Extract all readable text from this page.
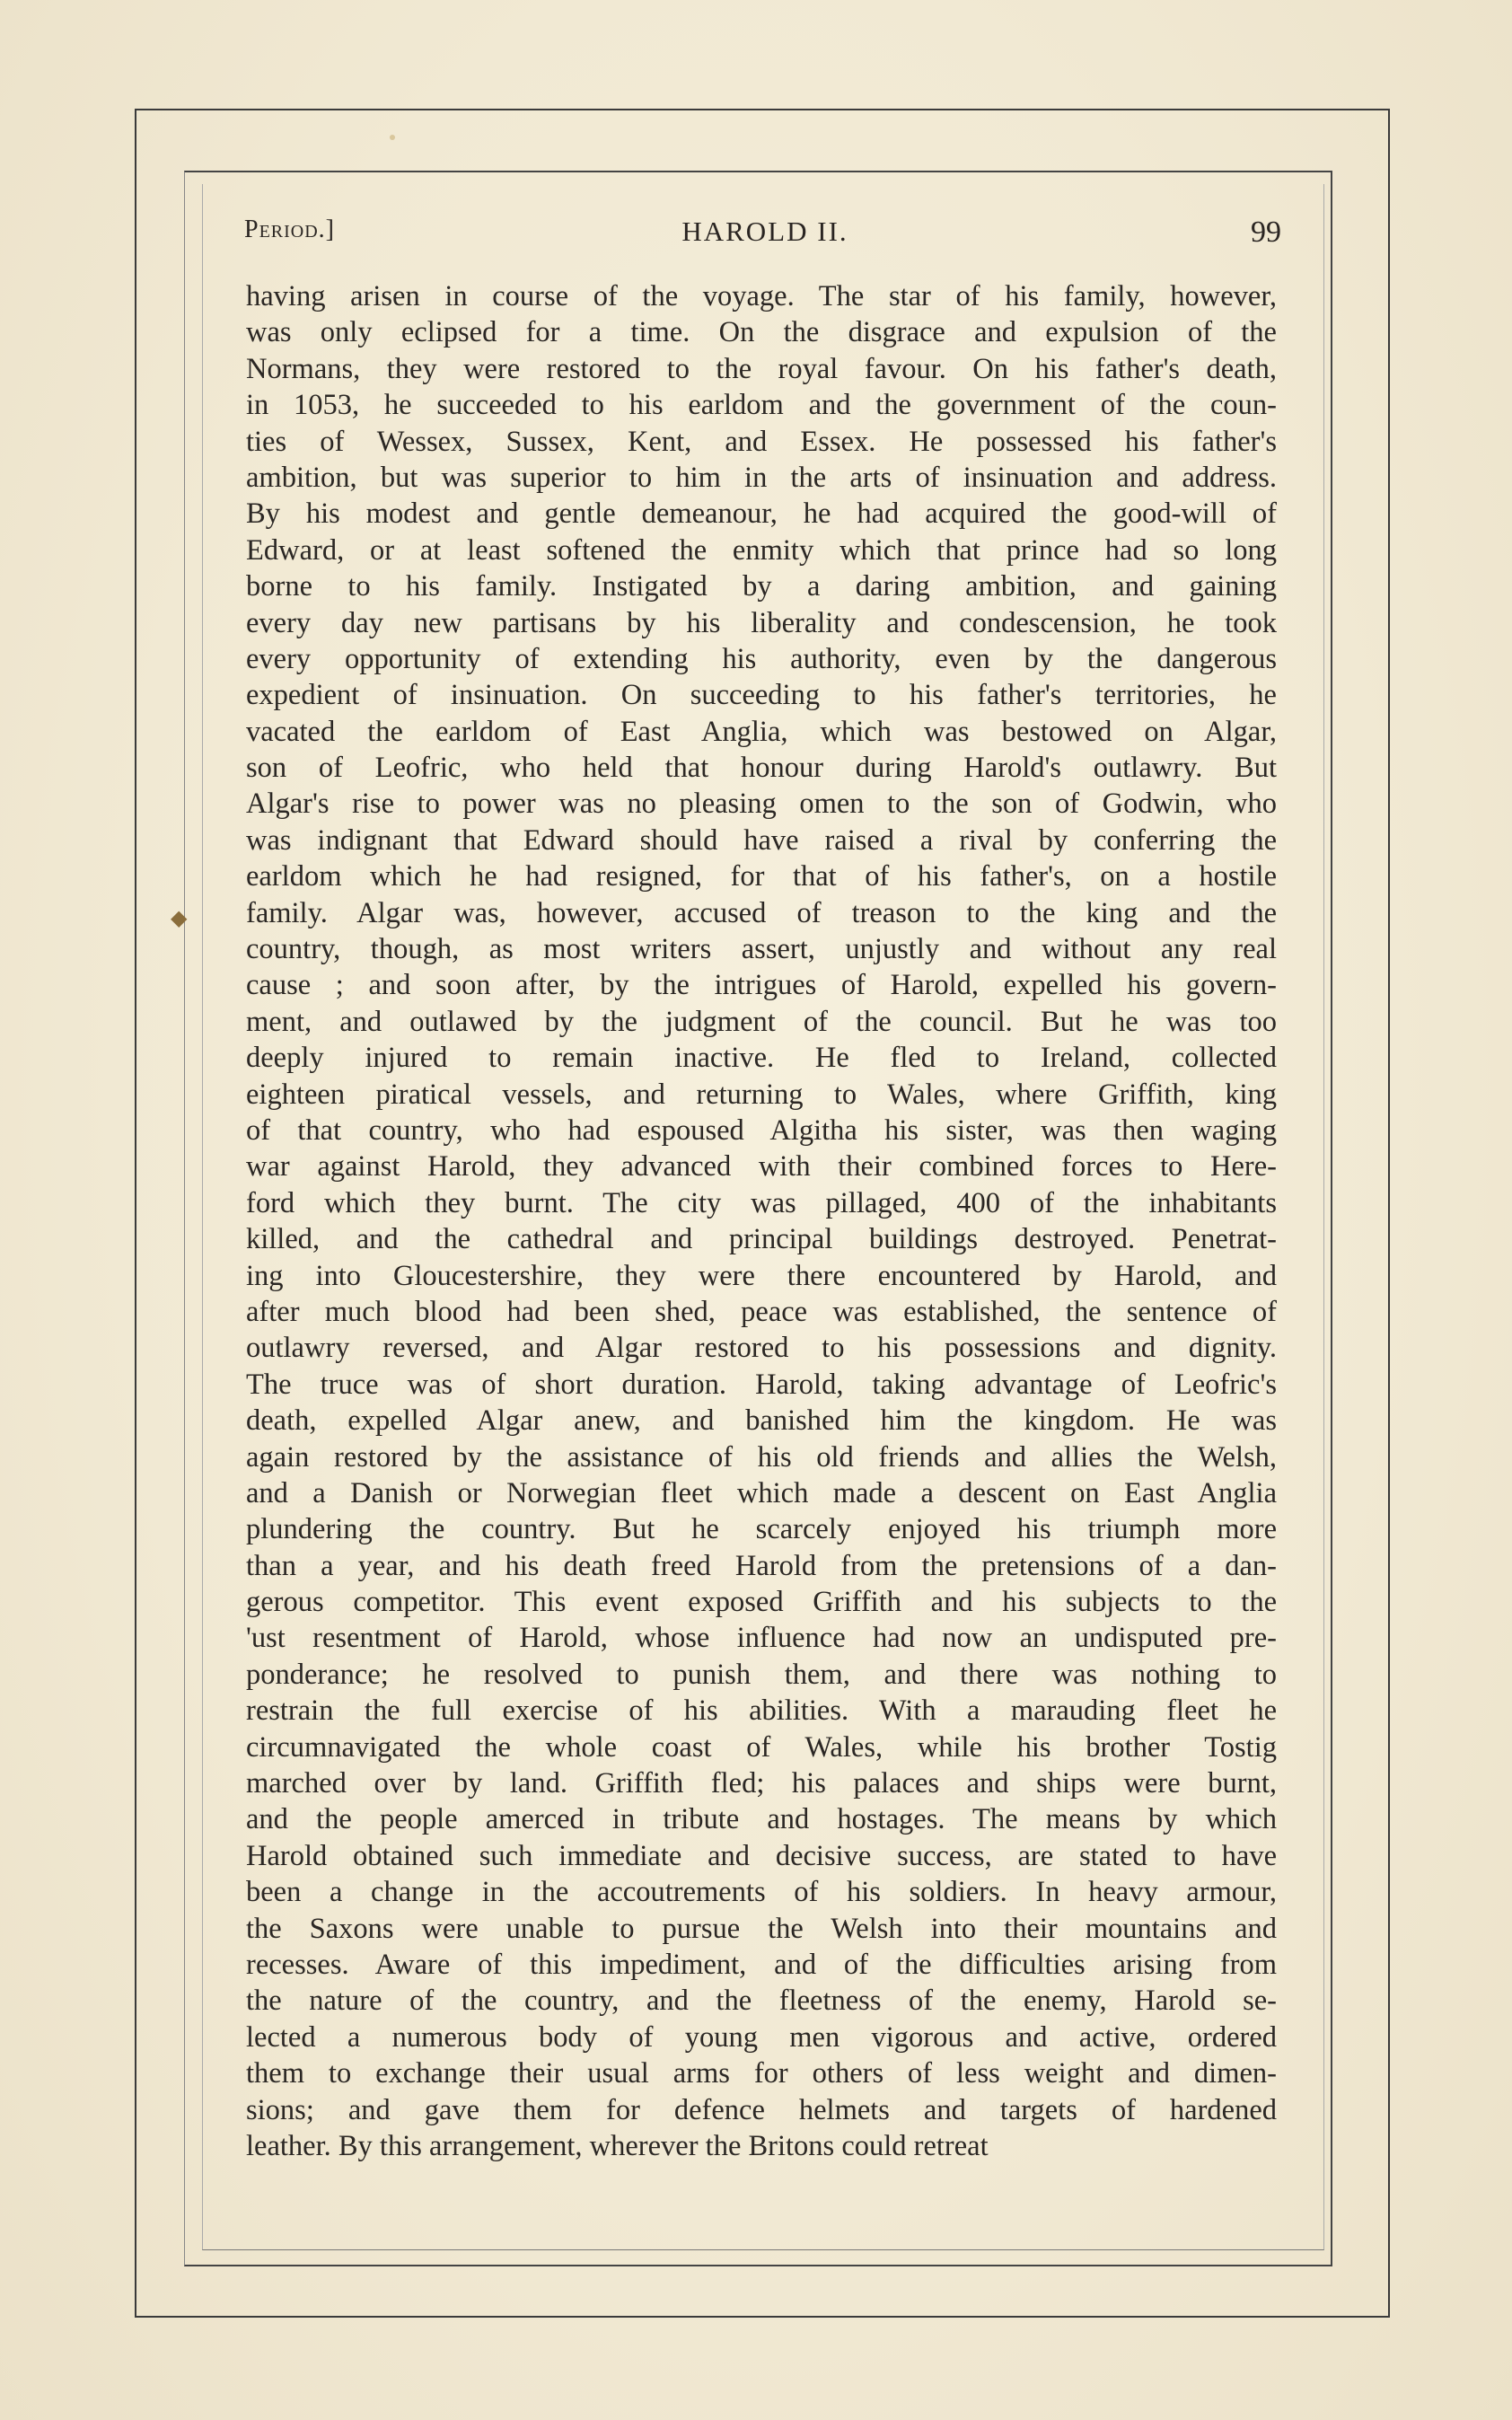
Period.]	HAROLD II.	99
◆
having arisen in course of the voyage. The star of his family, however,
was only eclipsed for a time. On the disgrace and expulsion of the
Normans, they were restored to the royal favour. On his father's death,
in 1053, he succeeded to his earldom and the government of the coun-
ties of Wessex, Sussex, Kent, and Essex. He possessed his father's
ambition, but was superior to him in the arts of insinuation and address.
By his modest and gentle demeanour, he had acquired the good-will of
Edward, or at least softened the enmity which that prince had so long
borne to his family. Instigated by a daring ambition, and gaining
every day new partisans by his liberality and condescension, he took
every opportunity of extending his authority, even by the dangerous
expedient of insinuation. On succeeding to his father's territories, he
vacated the earldom of East Anglia, which was bestowed on Algar,
son of Leofric, who held that honour during Harold's outlawry. But
Algar's rise to power was no pleasing omen to the son of Godwin, who
was indignant that Edward should have raised a rival by conferring the
earldom which he had resigned, for that of his father's, on a hostile
family. Algar was, however, accused of treason to the king and the
country, though, as most writers assert, unjustly and without any real
cause ; and soon after, by the intrigues of Harold, expelled his govern-
ment, and outlawed by the judgment of the council. But he was too
deeply injured to remain inactive. He fled to Ireland, collected
eighteen piratical vessels, and returning to Wales, where Griffith, king
of that country, who had espoused Algitha his sister, was then waging
war against Harold, they advanced with their combined forces to Here-
ford which they burnt. The city was pillaged, 400 of the inhabitants
killed, and the cathedral and principal buildings destroyed. Penetrat-
ing into Gloucestershire, they were there encountered by Harold, and
after much blood had been shed, peace was established, the sentence of
outlawry reversed, and Algar restored to his possessions and dignity.
The truce was of short duration. Harold, taking advantage of Leofric's
death, expelled Algar anew, and banished him the kingdom. He was
again restored by the assistance of his old friends and allies the Welsh,
and a Danish or Norwegian fleet which made a descent on East Anglia
plundering the country. But he scarcely enjoyed his triumph more
than a year, and his death freed Harold from the pretensions of a dan-
gerous competitor. This event exposed Griffith and his subjects to the
'ust resentment of Harold, whose influence had now an undisputed pre-
ponderance; he resolved to punish them, and there was nothing to
restrain the full exercise of his abilities. With a marauding fleet he
circumnavigated the whole coast of Wales, while his brother Tostig
marched over by land. Griffith fled; his palaces and ships were burnt,
and the people amerced in tribute and hostages. The means by which
Harold obtained such immediate and decisive success, are stated to have
been a change in the accoutrements of his soldiers. In heavy armour,
the Saxons were unable to pursue the Welsh into their mountains and
recesses. Aware of this impediment, and of the difficulties arising from
the nature of the country, and the fleetness of the enemy, Harold se-
lected a numerous body of young men vigorous and active, ordered
them to exchange their usual arms for others of less weight and dimen-
sions; and gave them for defence helmets and targets of hardened
leather. By this arrangement, wherever the Britons could retreat
